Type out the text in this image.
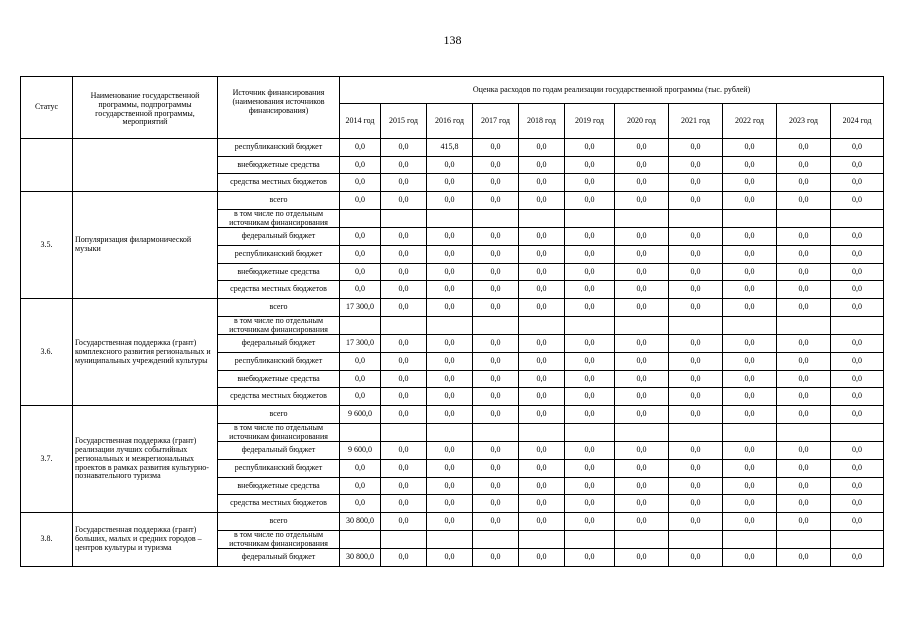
138
Статус	Наименование государственной программы, подпрограммы государственной программы, мероприятий	Источник финансирования (наименования источников финансирования)	Оценка расходов по годам реализации государственной программы (тыс. рублей)										
			2014 год	2015 год	2016 год	2017 год	2018 год	2019 год	2020 год	2021 год	2022 год	2023 год	2024 год
		республиканский бюджет	0,0	0,0	415,8	0,0	0,0	0,0	0,0	0,0	0,0	0,0	0,0
		внебюджетные средства	0,0	0,0	0,0	0,0	0,0	0,0	0,0	0,0	0,0	0,0	0,0
		средства местных бюджетов	0,0	0,0	0,0	0,0	0,0	0,0	0,0	0,0	0,0	0,0	0,0
3.5.	Популяризация филармонической музыки	всего	0,0	0,0	0,0	0,0	0,0	0,0	0,0	0,0	0,0	0,0	0,0
		в том числе по отдельным источникам финансирования											
		федеральный бюджет	0,0	0,0	0,0	0,0	0,0	0,0	0,0	0,0	0,0	0,0	0,0
		республиканский бюджет	0,0	0,0	0,0	0,0	0,0	0,0	0,0	0,0	0,0	0,0	0,0
		внебюджетные средства	0,0	0,0	0,0	0,0	0,0	0,0	0,0	0,0	0,0	0,0	0,0
		средства местных бюджетов	0,0	0,0	0,0	0,0	0,0	0,0	0,0	0,0	0,0	0,0	0,0
3.6.	Государственная поддержка (грант) комплексного развития региональных и муниципальных учреждений культуры	всего	17 300,0	0,0	0,0	0,0	0,0	0,0	0,0	0,0	0,0	0,0	0,0
		в том числе по отдельным источникам финансирования											
		федеральный бюджет	17 300,0	0,0	0,0	0,0	0,0	0,0	0,0	0,0	0,0	0,0	0,0
		республиканский бюджет	0,0	0,0	0,0	0,0	0,0	0,0	0,0	0,0	0,0	0,0	0,0
		внебюджетные средства	0,0	0,0	0,0	0,0	0,0	0,0	0,0	0,0	0,0	0,0	0,0
		средства местных бюджетов	0,0	0,0	0,0	0,0	0,0	0,0	0,0	0,0	0,0	0,0	0,0
3.7.	Государственная поддержка (грант) реализации лучших событийных региональных и межрегиональных проектов в рамках развития культурно-познавательного туризма	всего	9 600,0	0,0	0,0	0,0	0,0	0,0	0,0	0,0	0,0	0,0	0,0
		в том числе по отдельным источникам финансирования											
		федеральный бюджет	9 600,0	0,0	0,0	0,0	0,0	0,0	0,0	0,0	0,0	0,0	0,0
		республиканский бюджет	0,0	0,0	0,0	0,0	0,0	0,0	0,0	0,0	0,0	0,0	0,0
		внебюджетные средства	0,0	0,0	0,0	0,0	0,0	0,0	0,0	0,0	0,0	0,0	0,0
		средства местных бюджетов	0,0	0,0	0,0	0,0	0,0	0,0	0,0	0,0	0,0	0,0	0,0
3.8.	Государственная поддержка (грант) больших, малых и средних городов – центров культуры и туризма	всего	30 800,0	0,0	0,0	0,0	0,0	0,0	0,0	0,0	0,0	0,0	0,0
		в том числе по отдельным источникам финансирования											
		федеральный бюджет	30 800,0	0,0	0,0	0,0	0,0	0,0	0,0	0,0	0,0	0,0	0,0
